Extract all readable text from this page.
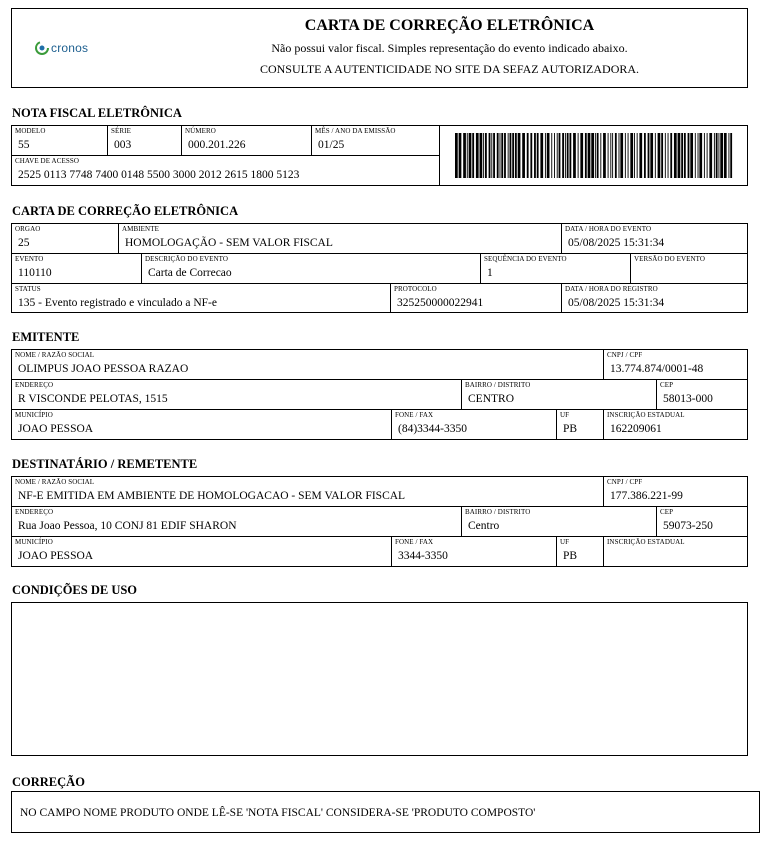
cronos
CARTA DE CORREÇÃO ELETRÔNICA
Não possui valor fiscal. Simples representação do evento indicado abaixo.
CONSULTE A AUTENTICIDADE NO SITE DA SEFAZ AUTORIZADORA.
NOTA FISCAL ELETRÔNICA
MODELO
55
SÉRIE
003
NÚMERO
000.201.226
MÊS / ANO DA EMISSÃO
01/25
CHAVE DE ACESSO
2525 0113 7748 7400 0148 5500 3000 2012 2615 1800 5123
CARTA DE CORREÇÃO ELETRÔNICA
ORGAO
25
AMBIENTE
HOMOLOGAÇÃO - SEM VALOR FISCAL
DATA / HORA DO EVENTO
05/08/2025 15:31:34
EVENTO
110110
DESCRIÇÃO DO EVENTO
Carta de Correcao
SEQUÊNCIA DO EVENTO
1
VERSÃO DO EVENTO
STATUS
135 - Evento registrado e vinculado a NF-e
PROTOCOLO
325250000022941
DATA / HORA DO REGISTRO
05/08/2025 15:31:34
EMITENTE
NOME / RAZÃO SOCIAL
OLIMPUS JOAO PESSOA RAZAO
CNPJ / CPF
13.774.874/0001-48
ENDEREÇO
R VISCONDE PELOTAS, 1515
BAIRRO / DISTRITO
CENTRO
CEP
58013-000
MUNICÍPIO
JOAO PESSOA
FONE / FAX
(84)3344-3350
UF
PB
INSCRIÇÃO ESTADUAL
162209061
DESTINATÁRIO / REMETENTE
NOME / RAZÃO SOCIAL
NF-E EMITIDA EM AMBIENTE DE HOMOLOGACAO - SEM VALOR FISCAL
CNPJ / CPF
177.386.221-99
ENDEREÇO
Rua Joao Pessoa, 10 CONJ 81 EDIF SHARON
BAIRRO / DISTRITO
Centro
CEP
59073-250
MUNICÍPIO
JOAO PESSOA
FONE / FAX
3344-3350
UF
PB
INSCRIÇÃO ESTADUAL
CONDIÇÕES DE USO
CORREÇÃO
NO CAMPO NOME PRODUTO ONDE LÊ-SE 'NOTA FISCAL' CONSIDERA-SE 'PRODUTO COMPOSTO'
